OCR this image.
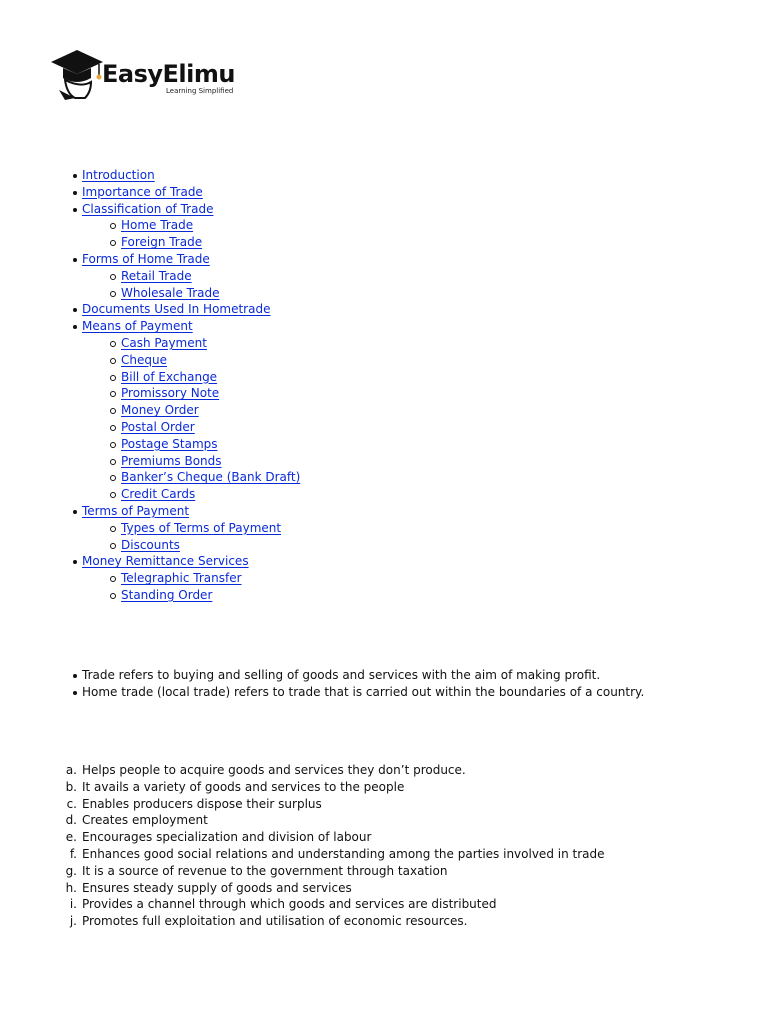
EasyElimu
Learning Simplified
Introduction
Importance of Trade
Classification of Trade
Home Trade
Foreign Trade
Forms of Home Trade
Retail Trade
Wholesale Trade
Documents Used In Hometrade
Means of Payment
Cash Payment
Cheque
Bill of Exchange
Promissory Note
Money Order
Postal Order
Postage Stamps
Premiums Bonds
Banker’s Cheque (Bank Draft)
Credit Cards
Terms of Payment
Types of Terms of Payment
Discounts
Money Remittance Services
Telegraphic Transfer
Standing Order
Trade refers to buying and selling of goods and services with the aim of making profit.
Home trade (local trade) refers to trade that is carried out within the boundaries of a country.
a. Helps people to acquire goods and services they don’t produce.
b. It avails a variety of goods and services to the people
c. Enables producers dispose their surplus
d. Creates employment
e. Encourages specialization and division of labour
f. Enhances good social relations and understanding among the parties involved in trade
g. It is a source of revenue to the government through taxation
h. Ensures steady supply of goods and services
i. Provides a channel through which goods and services are distributed
j. Promotes full exploitation and utilisation of economic resources.
